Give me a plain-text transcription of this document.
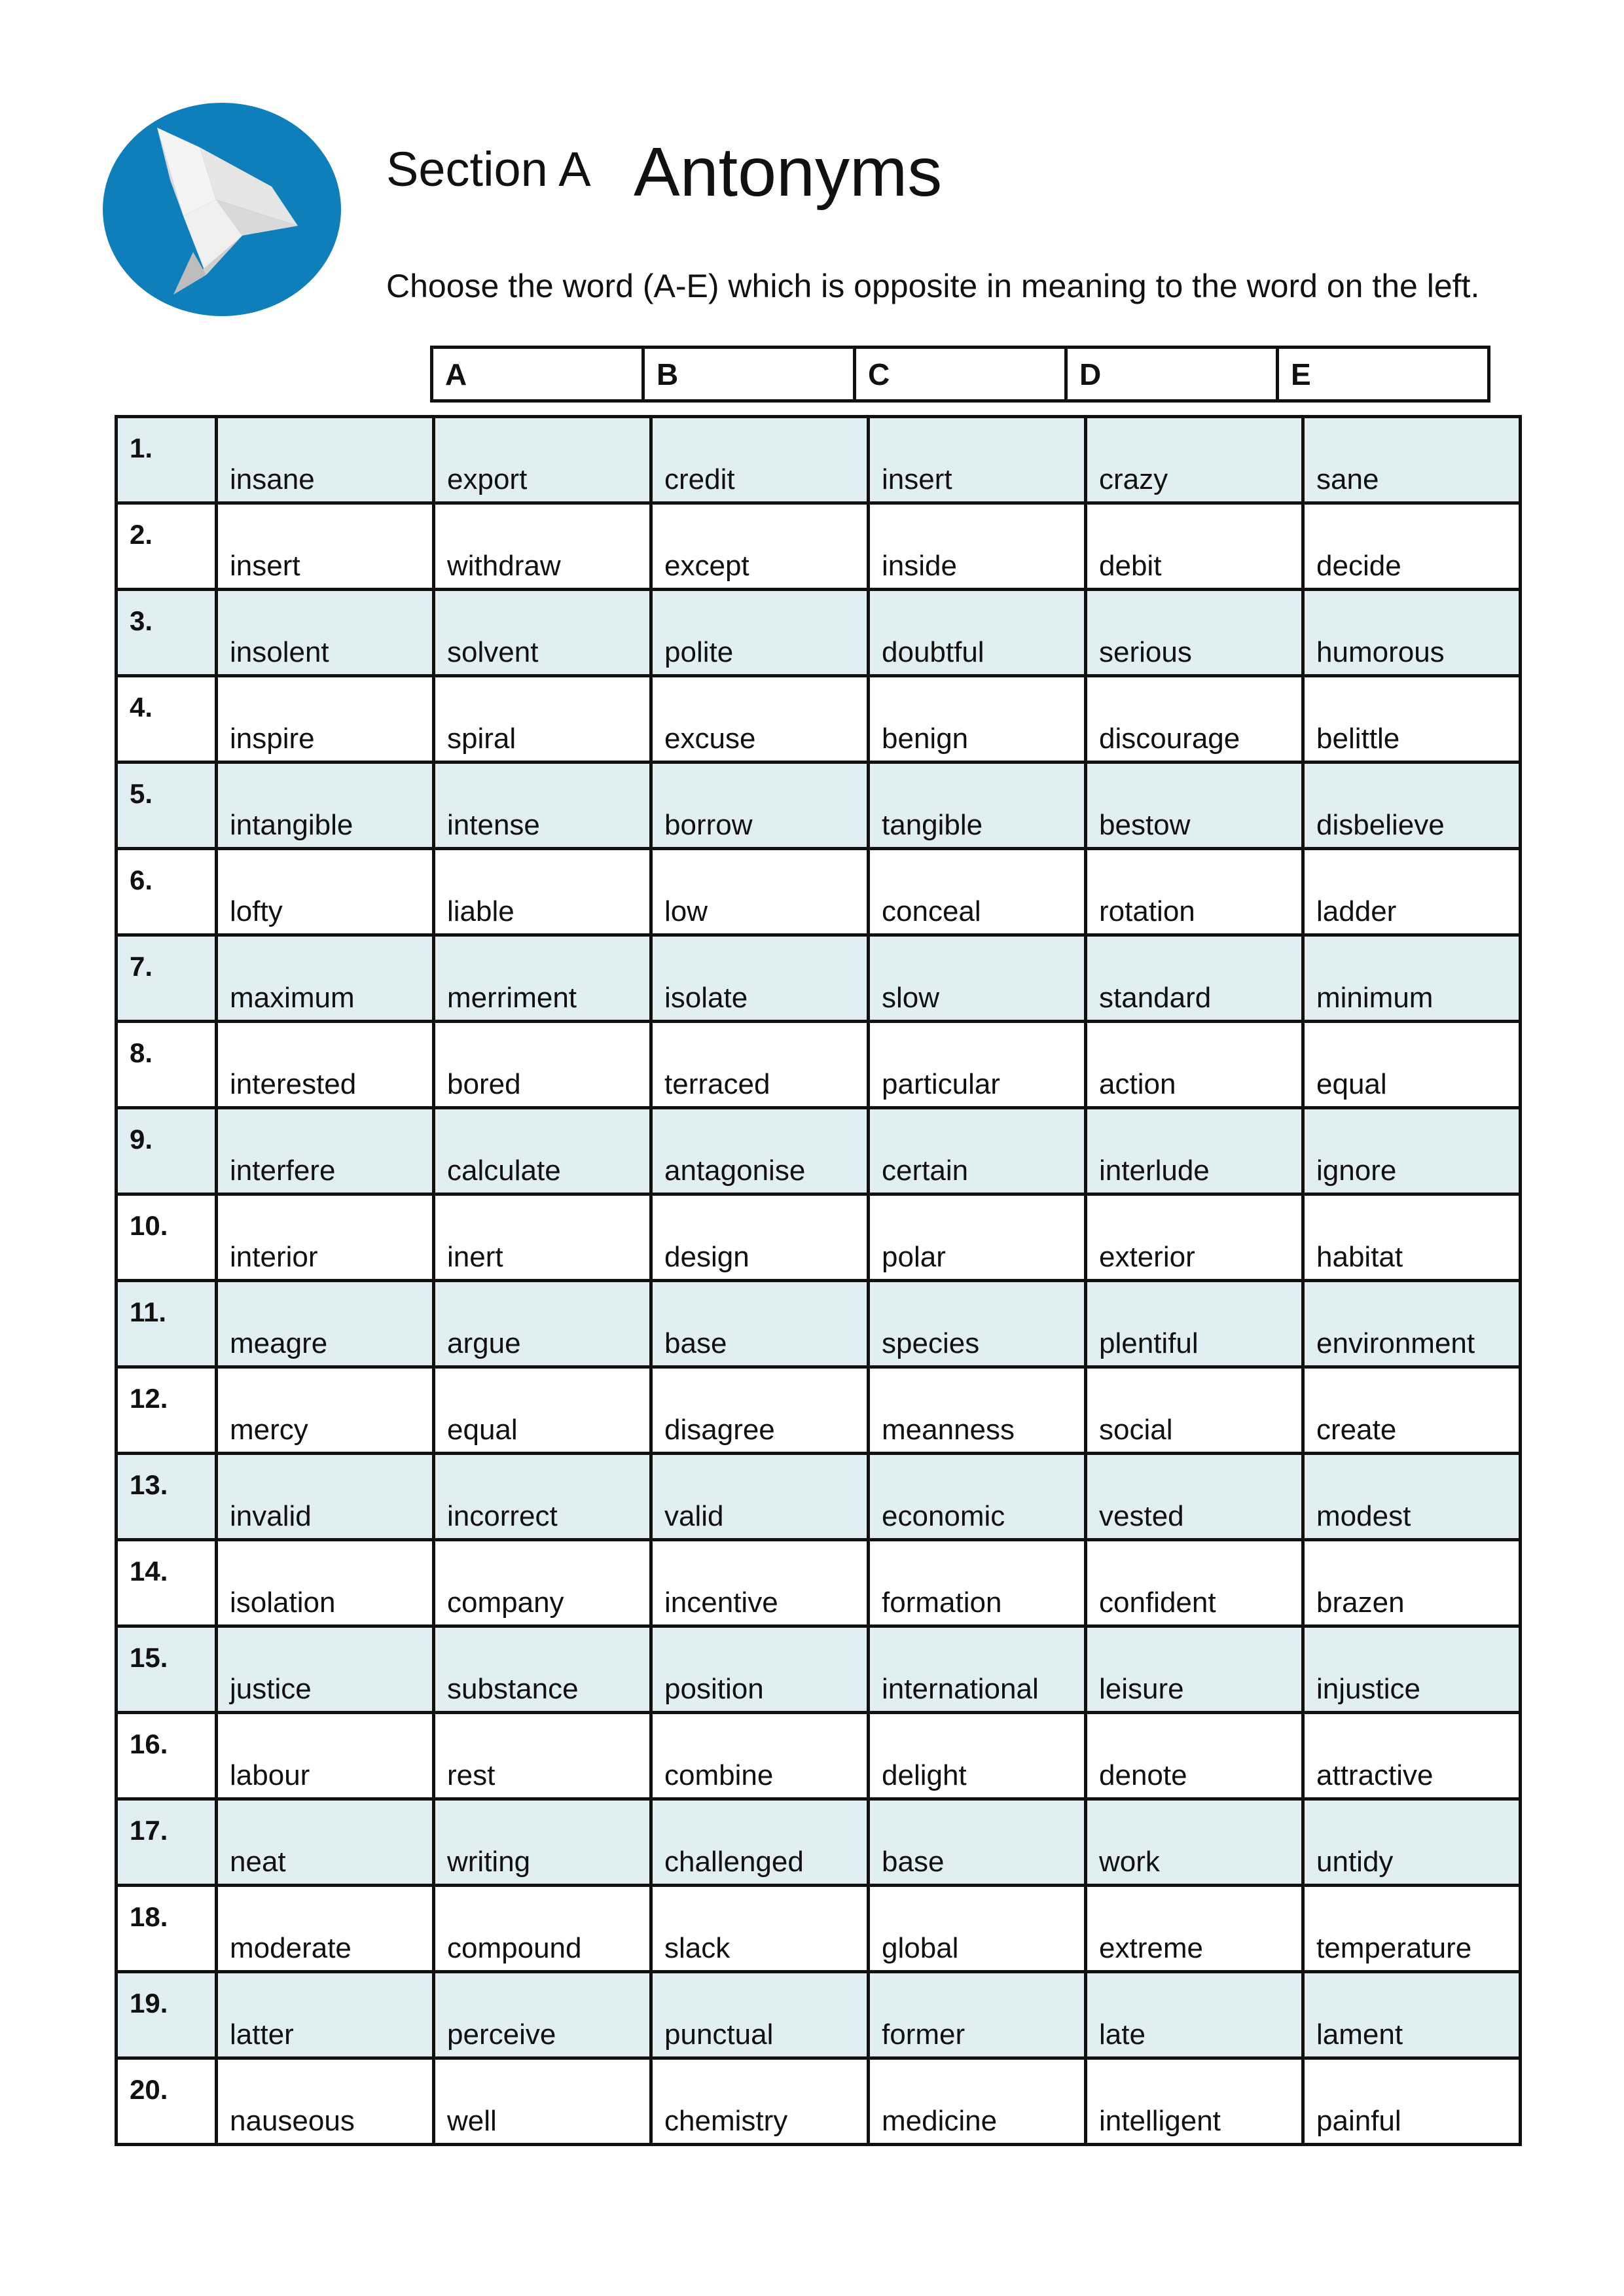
Section A Antonyms
Choose the word (A-E) which is opposite in meaning to the word on the left.
A	B	C	D	E
1.	insane	export	credit	insert	crazy	sane
2.	insert	withdraw	except	inside	debit	decide
3.	insolent	solvent	polite	doubtful	serious	humorous
4.	inspire	spiral	excuse	benign	discourage	belittle
5.	intangible	intense	borrow	tangible	bestow	disbelieve
6.	lofty	liable	low	conceal	rotation	ladder
7.	maximum	merriment	isolate	slow	standard	minimum
8.	interested	bored	terraced	particular	action	equal
9.	interfere	calculate	antagonise	certain	interlude	ignore
10.	interior	inert	design	polar	exterior	habitat
11.	meagre	argue	base	species	plentiful	environment
12.	mercy	equal	disagree	meanness	social	create
13.	invalid	incorrect	valid	economic	vested	modest
14.	isolation	company	incentive	formation	confident	brazen
15.	justice	substance	position	international	leisure	injustice
16.	labour	rest	combine	delight	denote	attractive
17.	neat	writing	challenged	base	work	untidy
18.	moderate	compound	slack	global	extreme	temperature
19.	latter	perceive	punctual	former	late	lament
20.	nauseous	well	chemistry	medicine	intelligent	painful
